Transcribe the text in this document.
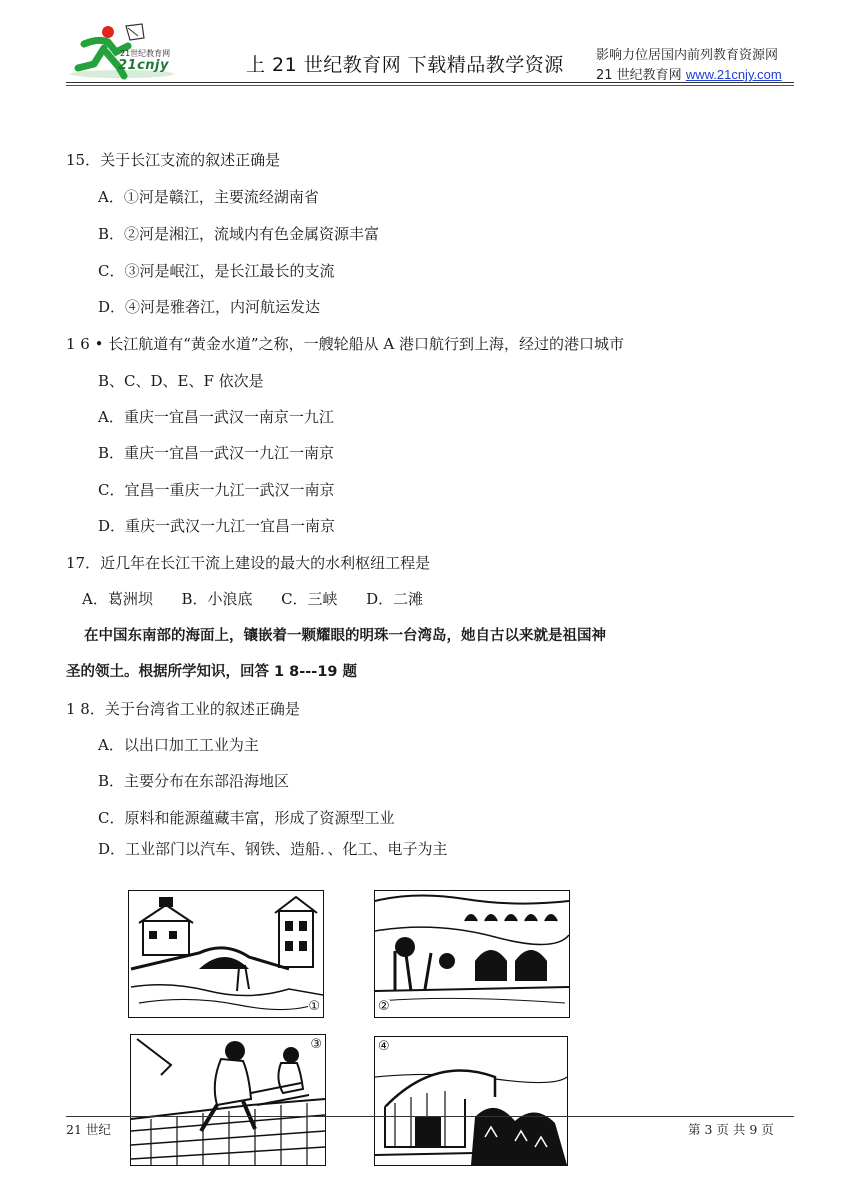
21世纪教育网
21cnjy	上 21 世纪教育网 下载精品教学资源 影响力位居国内前列教育资源网
21 世纪教育网 www.21cnjy.com
15．关于长江支流的叙述正确是
A．①河是赣江，主要流经湖南省
B．②河是湘江，流域内有色金属资源丰富
C．③河是岷江，是长江最长的支流
D．④河是雅砻江，内河航运发达
1 6 • 长江航道有“黄金水道”之称，一艘轮船从 A 港口航行到上海，经过的港口城市
B、C、D、E、F 依次是
A．重庆一宜昌一武汉一南京一九江
B．重庆一宜昌一武汉一九江一南京
C．宜昌一重庆一九江一武汉一南京
D．重庆一武汉一九江一宜昌一南京
17．近几年在长江干流上建设的最大的水利枢纽工程是
A．葛洲坝      B．小浪底      C．三峡      D．二滩
在中国东南部的海面上，镶嵌着一颗耀眼的明珠一台湾岛，她自古以来就是祖国神
圣的领土。根据所学知识，回答 1 8---19 题
1 8．关于台湾省工业的叙述正确是
A．以出口加工工业为主
B．主要分布在东部沿海地区
C．原料和能源蕴藏丰富，形成了资源型工业
D．工业部门以汽车、钢铁、造船．、化工、电子为主
①	②
③	④
21 世纪	第 3 页 共 9 页
